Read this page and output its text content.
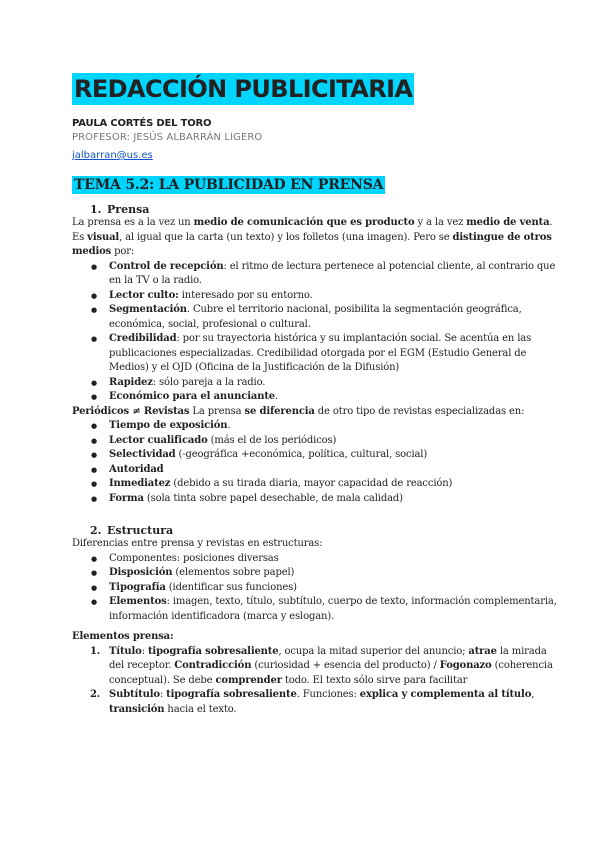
REDACCIÓN PUBLICITARIA
PAULA CORTÉS DEL TORO
PROFESOR: JESÚS ALBARRÁN LIGERO
jalbarran@us.es
TEMA 5.2: LA PUBLICIDAD EN PRENSA
1. Prensa

La prensa es a la vez un medio de comunicación que es producto y a la vez medio de venta. Es visual, al igual que la carta (un texto) y los folletos (una imagen). Pero se distingue de otros medios por:

● Control de recepción: el ritmo de lectura pertenece al potencial cliente, al contrario que en la TV o la radio.
● Lector culto: interesado por su entorno.
● Segmentación. Cubre el territorio nacional, posibilita la segmentación geográfica, económica, social, profesional o cultural.
● Credibilidad: por su trayectoria histórica y su implantación social. Se acentúa en las publicaciones especializadas. Credibilidad otorgada por el EGM (Estudio General de Medios) y el OJD (Oficina de la Justificación de la Difusión)
● Rapidez: sólo pareja a la radio.
● Económico para el anunciante.

Periódicos ≠ Revistas La prensa se diferencia de otro tipo de revistas especializadas en:

● Tiempo de exposición.
● Lector cualificado (más el de los periódicos)
● Selectividad (-geográfica +económica, política, cultural, social)
● Autoridad
● Inmediatez (debido a su tirada diaria, mayor capacidad de reacción)
● Forma (sola tinta sobre papel desechable, de mala calidad)
2. Estructura

Diferencias entre prensa y revistas en estructuras:

● Componentes: posiciones diversas
● Disposición (elementos sobre papel)
● Tipografía (identificar sus funciones)
● Elementos: imagen, texto, título, subtítulo, cuerpo de texto, información complementaria, información identificadora (marca y eslogan).

Elementos prensa:

1. Título: tipografía sobresaliente, ocupa la mitad superior del anuncio; atrae la mirada del receptor. Contradicción (curiosidad + esencia del producto) / Fogonazo (coherencia conceptual). Se debe comprender todo. El texto sólo sirve para facilitar
2. Subtítulo: tipografía sobresaliente. Funciones: explica y complementa al título, transición hacia el texto.
